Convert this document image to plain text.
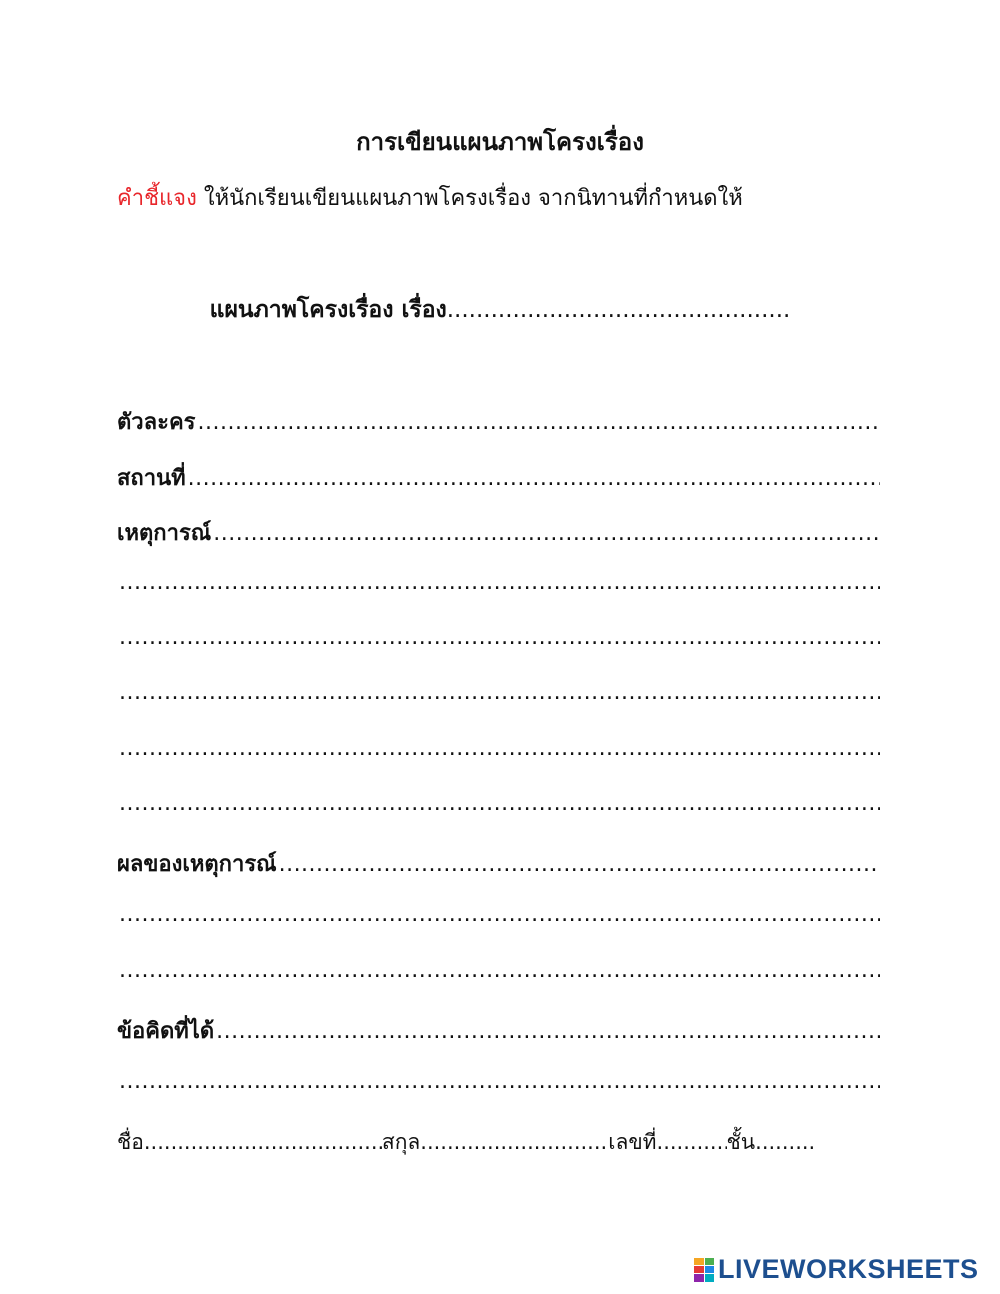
การเขียนแผนภาพโครงเรื่อง
คำชี้แจง ให้นักเรียนเขียนแผนภาพโครงเรื่อง จากนิทานที่กำหนดให้
แผนภาพโครงเรื่อง เรื่อง...............................................
ตัวละคร
.....
สถานที่
.....
เหตุการณ์
.....
.....
.....
.....
.....
.....
ผลของเหตุการณ์
.....
.....
.....
ข้อคิดที่ได้
.....
.....
ชื่อ .....	สกุล .....	เลขที่ .....	ชั้น
.....
LIVEWORKSHEETS
